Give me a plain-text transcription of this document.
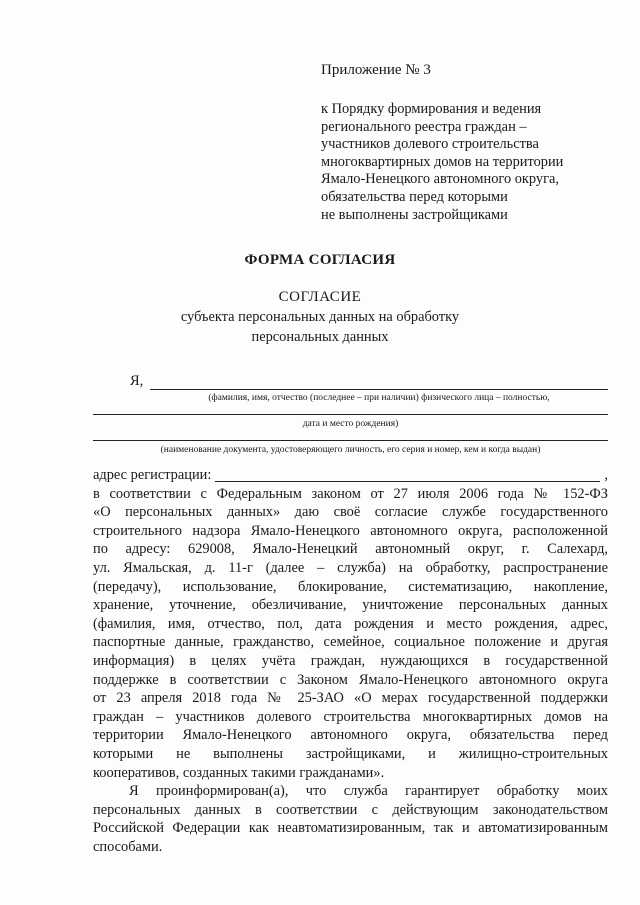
Приложение № 3
к Порядку формирования и ведения
регионального реестра граждан –
участников долевого строительства
многоквартирных домов на территории
Ямало-Ненецкого автономного округа,
обязательства перед которыми
не выполнены застройщиками
ФОРМА СОГЛАСИЯ
СОГЛАСИЕ
субъекта персональных данных на обработку
персональных данных
Я,
(фамилия, имя, отчество (последнее – при наличии) физического лица – полностью,
дата и место рождения)
(наименование документа, удостоверяющего личность, его серия и номер, кем и когда выдан)
адрес регистрации:	,
в соответствии с Федеральным законом от 27 июля 2006 года № 152-ФЗ
«О персональных данных» даю своё согласие службе государственного
строительного надзора Ямало-Ненецкого автономного округа, расположенной
по адресу: 629008, Ямало-Ненецкий автономный округ, г. Салехард,
ул. Ямальская, д. 11-г (далее – служба) на обработку, распространение
(передачу), использование, блокирование, систематизацию, накопление,
хранение, уточнение, обезличивание, уничтожение персональных данных
(фамилия, имя, отчество, пол, дата рождения и место рождения, адрес,
паспортные данные, гражданство, семейное, социальное положение и другая
информация) в целях учёта граждан, нуждающихся в государственной
поддержке в соответствии с Законом Ямало-Ненецкого автономного округа
от 23 апреля 2018 года № 25-ЗАО «О мерах государственной поддержки
граждан – участников долевого строительства многоквартирных домов на
территории Ямало-Ненецкого автономного округа, обязательства перед
которыми не выполнены застройщиками, и жилищно-строительных
кооперативов, созданных такими гражданами».
Я проинформирован(а), что служба гарантирует обработку моих
персональных данных в соответствии с действующим законодательством
Российской Федерации как неавтоматизированным, так и автоматизированным
способами.
